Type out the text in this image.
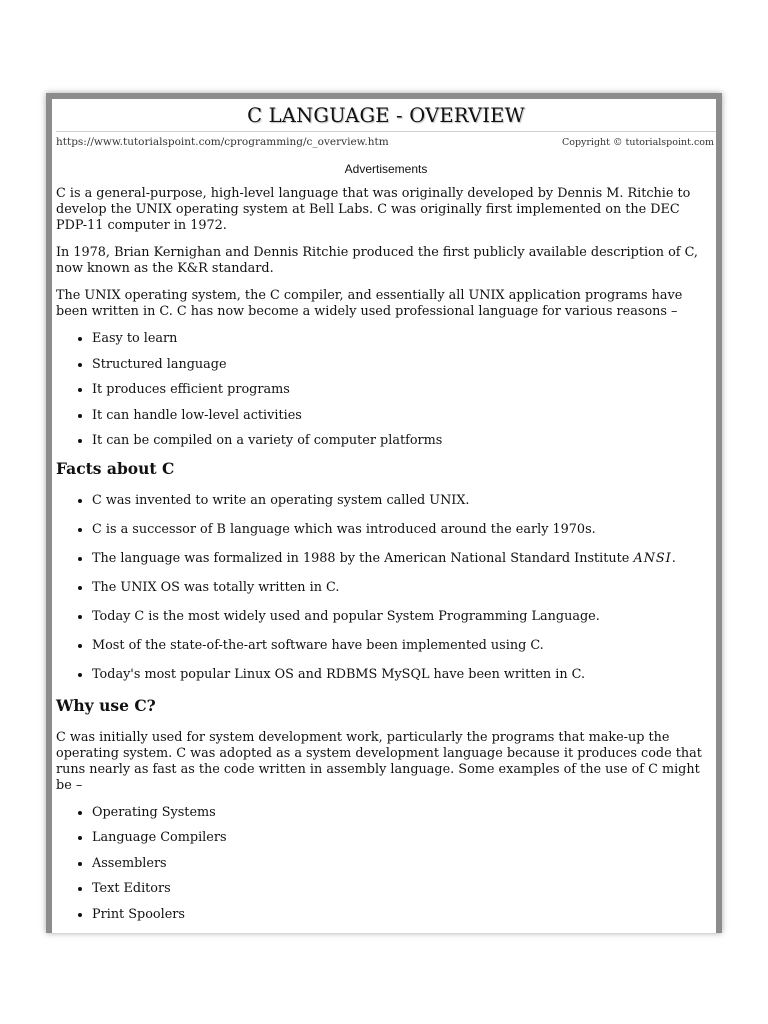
C LANGUAGE - OVERVIEW
https://www.tutorialspoint.com/cprogramming/c_overview.htm	Copyright © tutorialspoint.com
Advertisements

C is a general-purpose, high-level language that was originally developed by Dennis M. Ritchie to develop the UNIX operating system at Bell Labs. C was originally first implemented on the DEC PDP-11 computer in 1972.

In 1978, Brian Kernighan and Dennis Ritchie produced the first publicly available description of C, now known as the K&R standard.

The UNIX operating system, the C compiler, and essentially all UNIX application programs have been written in C. C has now become a widely used professional language for various reasons –

• Easy to learn
• Structured language
• It produces efficient programs
• It can handle low-level activities
• It can be compiled on a variety of computer platforms
Facts about C
• C was invented to write an operating system called UNIX.
• C is a successor of B language which was introduced around the early 1970s.
• The language was formalized in 1988 by the American National Standard Institute ANSI.
• The UNIX OS was totally written in C.
• Today C is the most widely used and popular System Programming Language.
• Most of the state-of-the-art software have been implemented using C.
• Today's most popular Linux OS and RDBMS MySQL have been written in C.
Why use C?

C was initially used for system development work, particularly the programs that make-up the operating system. C was adopted as a system development language because it produces code that runs nearly as fast as the code written in assembly language. Some examples of the use of C might be –

• Operating Systems
• Language Compilers
• Assemblers
• Text Editors
• Print Spoolers
